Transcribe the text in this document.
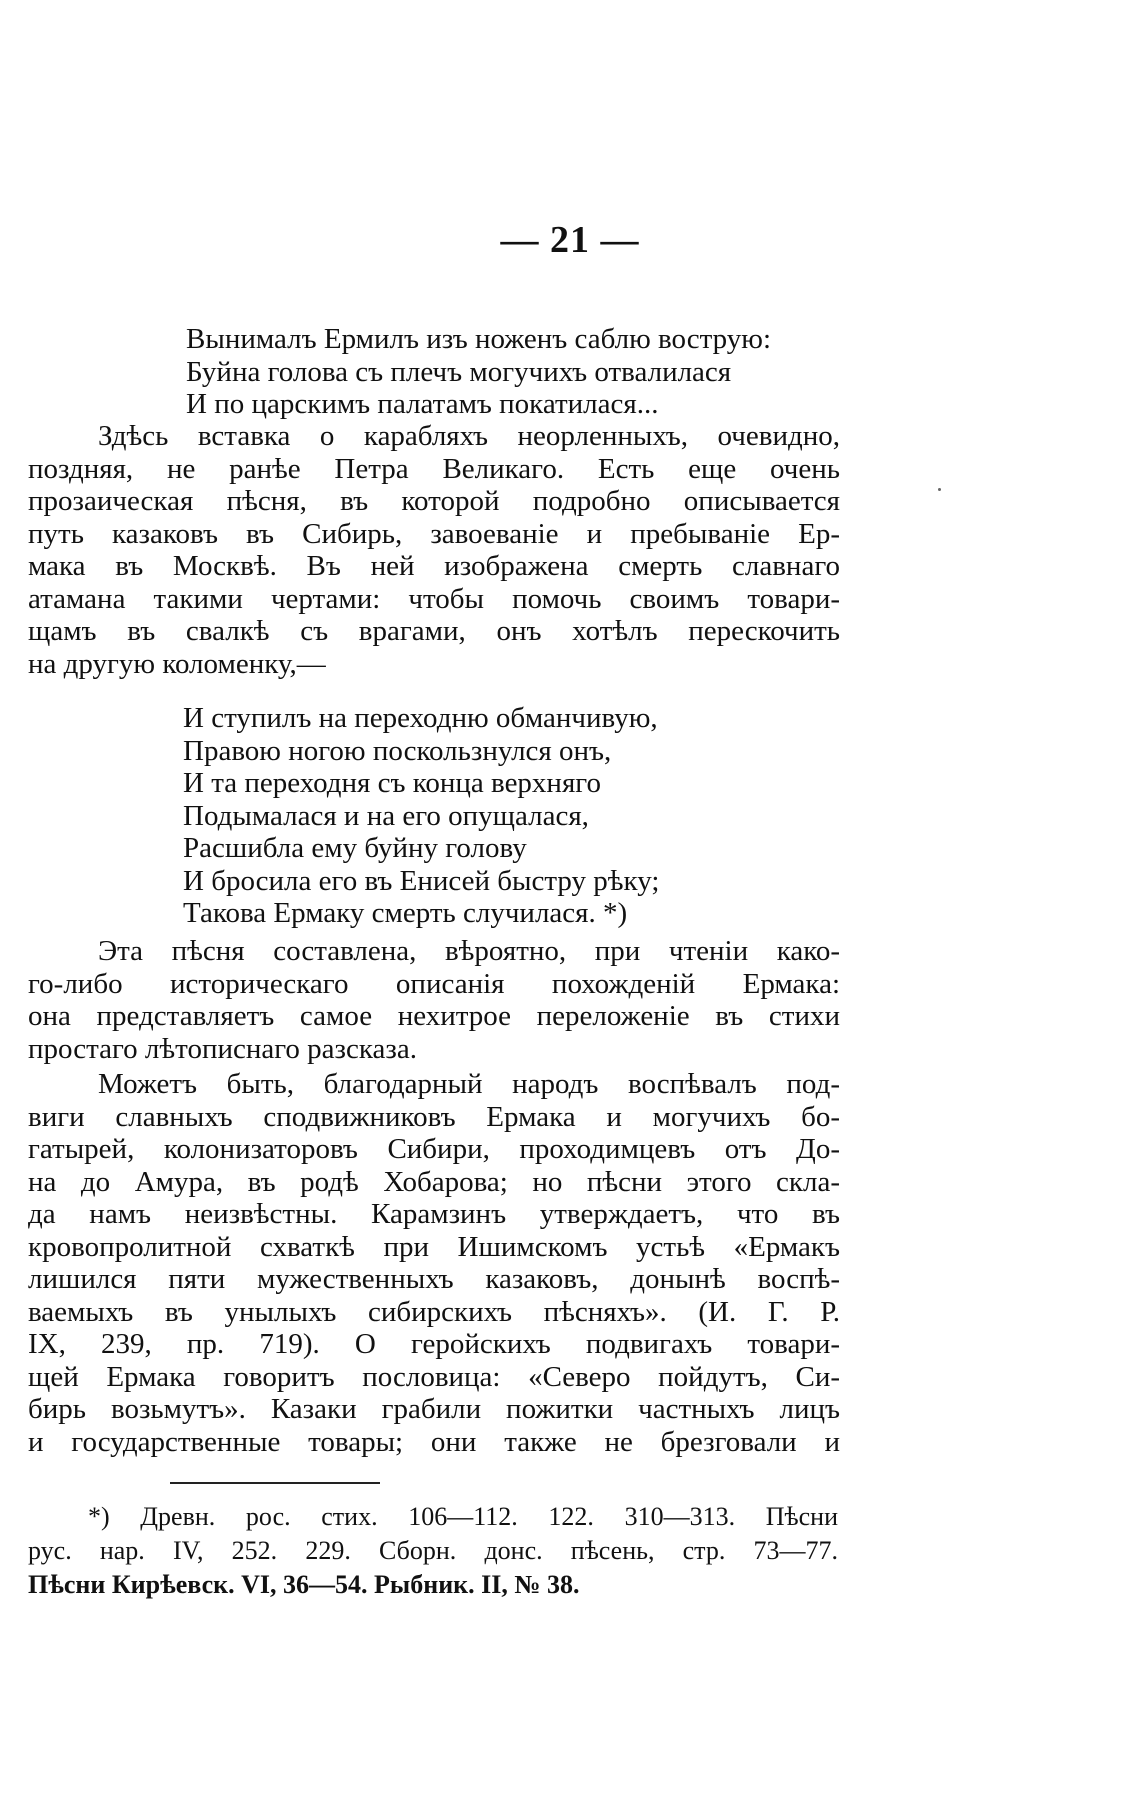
— 21 —
Вынималъ Ермилъ изъ ноженъ саблю вострую:
Буйна голова съ плечъ могучихъ отвалилася
И по царскимъ палатамъ покатилася...
Здѣсь вставка о карабляхъ неорленныхъ, очевидно,
поздняя, не ранѣе Петра Великаго. Есть еще очень
прозаическая пѣсня, въ которой подробно описывается
путь казаковъ въ Сибирь, завоеваніе и пребываніе Ер-
мака въ Москвѣ. Въ ней изображена смерть славнаго
атамана такими чертами: чтобы помочь своимъ товари-
щамъ въ свалкѣ съ врагами, онъ хотѣлъ перескочить
на другую коломенку,—
И ступилъ на переходню обманчивую,
Правою ногою поскользнулся онъ,
И та переходня съ конца верхняго
Подымалася и на его опущалася,
Расшибла ему буйну голову
И бросила его въ Енисей быстру рѣку;
Такова Ермаку смерть случилася. *)
Эта пѣсня составлена, вѣроятно, при чтеніи како-
го-либо историческаго описанія похожденій Ермака:
она представляетъ самое нехитрое переложеніе въ стихи
простаго лѣтописнаго разсказа.
Можетъ быть, благодарный народъ воспѣвалъ под-
виги славныхъ сподвижниковъ Ермака и могучихъ бо-
гатырей, колонизаторовъ Сибири, проходимцевъ отъ До-
на до Амура, въ родѣ Хобарова; но пѣсни этого скла-
да намъ неизвѣстны. Карамзинъ утверждаетъ, что въ
кровопролитной схваткѣ при Ишимскомъ устьѣ «Ермакъ
лишился пяти мужественныхъ казаковъ, донынѣ воспѣ-
ваемыхъ въ унылыхъ сибирскихъ пѣсняхъ». (И. Г. Р.
IX, 239, пр. 719). О геройскихъ подвигахъ товари-
щей Ермака говоритъ пословица: «Северо пойдутъ, Си-
бирь возьмутъ». Казаки грабили пожитки частныхъ лицъ
и государственные товары; они также не брезговали и
*) Древн. рос. стих. 106—112. 122. 310—313. Пѣсни
рус. нар. IV, 252. 229. Сборн. донс. пѣсень, стр. 73—77.
Пѣсни Кирѣевск. VI, 36—54. Рыбник. II, № 38.
